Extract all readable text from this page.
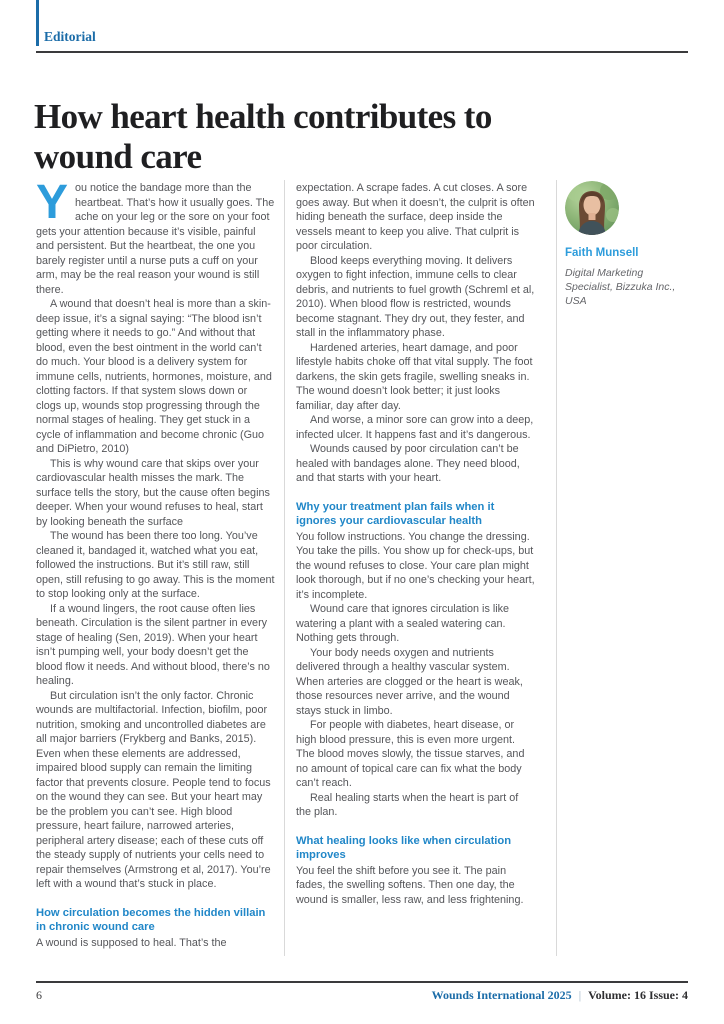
Editorial
How heart health contributes to wound care

You notice the bandage more than the heartbeat. That’s how it usually goes. The ache on your leg or the sore on your foot gets your attention because it’s visible, painful and persistent. But the heartbeat, the one you barely register until a nurse puts a cuff on your arm, may be the real reason your wound is still there.

A wound that doesn’t heal is more than a skin-deep issue, it’s a signal saying: “The blood isn’t getting where it needs to go.” And without that blood, even the best ointment in the world can’t do much. Your blood is a delivery system for immune cells, nutrients, hormones, moisture, and clotting factors. If that system slows down or clogs up, wounds stop progressing through the normal stages of healing. They get stuck in a cycle of inflammation and become chronic (Guo and DiPietro, 2010)

This is why wound care that skips over your cardiovascular health misses the mark. The surface tells the story, but the cause often begins deeper. When your wound refuses to heal, start by looking beneath the surface

The wound has been there too long. You’ve cleaned it, bandaged it, watched what you eat, followed the instructions. But it’s still raw, still open, still refusing to go away. This is the moment to stop looking only at the surface.

If a wound lingers, the root cause often lies beneath. Circulation is the silent partner in every stage of healing (Sen, 2019). When your heart isn’t pumping well, your body doesn’t get the blood flow it needs. And without blood, there’s no healing.

But circulation isn’t the only factor. Chronic wounds are multifactorial. Infection, biofilm, poor nutrition, smoking and uncontrolled diabetes are all major barriers (Frykberg and Banks, 2015). Even when these elements are addressed, impaired blood supply can remain the limiting factor that prevents closure. People tend to focus on the wound they can see. But your heart may be the problem you can’t see. High blood pressure, heart failure, narrowed arteries, peripheral artery disease; each of these cuts off the steady supply of nutrients your cells need to repair themselves (Armstrong et al, 2017). You’re left with a wound that’s stuck in place.

How circulation becomes the hidden villain in chronic wound care

A wound is supposed to heal. That’s the

expectation. A scrape fades. A cut closes. A sore goes away. But when it doesn’t, the culprit is often hiding beneath the surface, deep inside the vessels meant to keep you alive. That culprit is poor circulation.

Blood keeps everything moving. It delivers oxygen to fight infection, immune cells to clear debris, and nutrients to fuel growth (Schreml et al, 2010). When blood flow is restricted, wounds become stagnant. They dry out, they fester, and stall in the inflammatory phase.

Hardened arteries, heart damage, and poor lifestyle habits choke off that vital supply. The foot darkens, the skin gets fragile, swelling sneaks in. The wound doesn’t look better; it just looks familiar, day after day.

And worse, a minor sore can grow into a deep, infected ulcer. It happens fast and it’s dangerous.

Wounds caused by poor circulation can’t be healed with bandages alone. They need blood, and that starts with your heart.

Why your treatment plan fails when it ignores your cardiovascular health

You follow instructions. You change the dressing. You take the pills. You show up for check-ups, but the wound refuses to close. Your care plan might look thorough, but if no one’s checking your heart, it’s incomplete.

Wound care that ignores circulation is like watering a plant with a sealed watering can. Nothing gets through.

Your body needs oxygen and nutrients delivered through a healthy vascular system. When arteries are clogged or the heart is weak, those resources never arrive, and the wound stays stuck in limbo.

For people with diabetes, heart disease, or high blood pressure, this is even more urgent. The blood moves slowly, the tissue starves, and no amount of topical care can fix what the body can’t reach.

Real healing starts when the heart is part of the plan.

What healing looks like when circulation improves

You feel the shift before you see it. The pain fades, the swelling softens. Then one day, the wound is smaller, less raw, and less frightening.

Faith Munsell
Digital Marketing Specialist, Bizzuka Inc., USA
6	Wounds International 2025 | Volume: 16 Issue: 4
